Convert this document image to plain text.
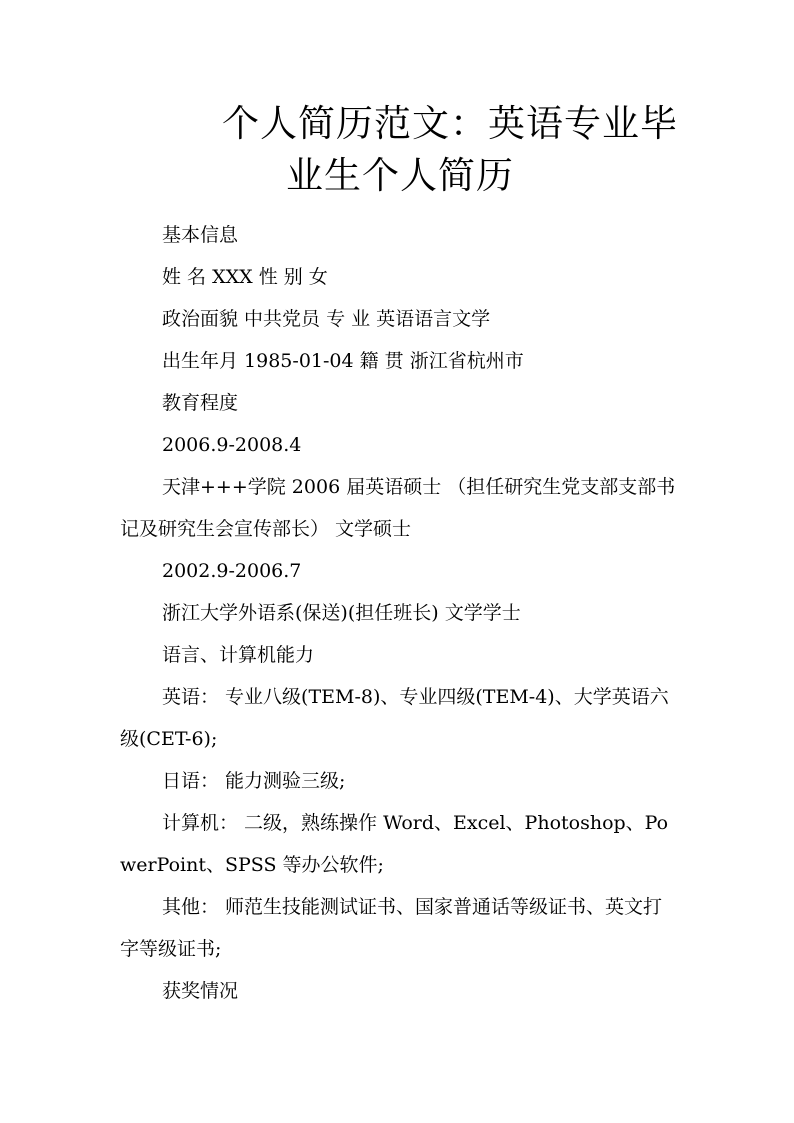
个人简历范文：英语专业毕
业生个人简历

基本信息

姓 名 XXX 性 别 女

政治面貌 中共党员 专 业 英语语言文学

出生年月 1985-01-04 籍 贯 浙江省杭州市

教育程度

2006.9-2008.4

天津+++学院 2006 届英语硕士 （担任研究生党支部支部书记及研究生会宣传部长） 文学硕士

2002.9-2006.7

浙江大学外语系(保送)(担任班长) 文学学士

语言、计算机能力

英语： 专业八级(TEM-8)、专业四级(TEM-4)、大学英语六级(CET-6);

日语： 能力测验三级;

计算机： 二级，熟练操作 Word、Excel、Photoshop、PowerPoint、SPSS 等办公软件;

其他： 师范生技能测试证书、国家普通话等级证书、英文打字等级证书;

获奖情况
